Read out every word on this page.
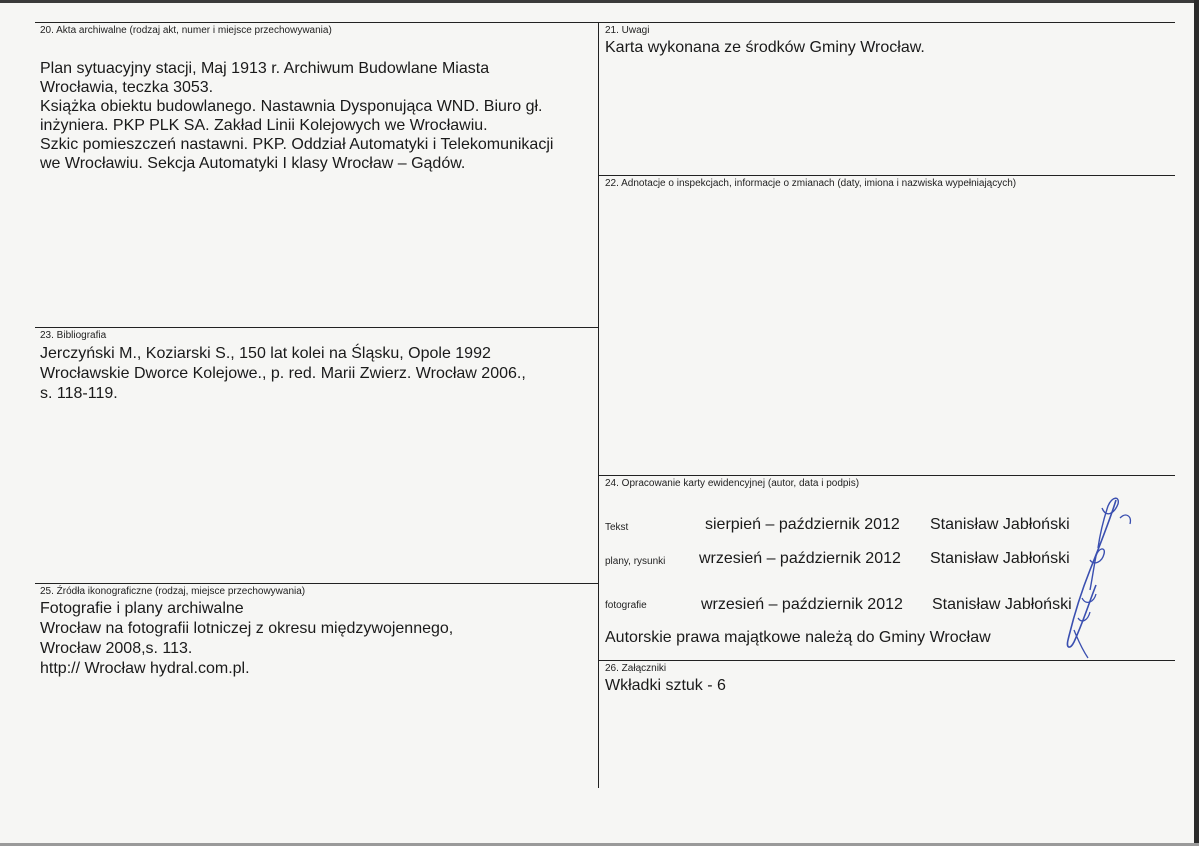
20. Akta archiwalne (rodzaj akt, numer i miejsce przechowywania)
Plan sytuacyjny stacji, Maj 1913 r. Archiwum Budowlane Miasta
Wrocławia, teczka 3053.
Książka obiektu budowlanego. Nastawnia Dysponująca WND. Biuro gł.
inżyniera. PKP PLK SA. Zakład Linii Kolejowych we Wrocławiu.
Szkic pomieszczeń nastawni. PKP. Oddział Automatyki i Telekomunikacji
we Wrocławiu. Sekcja Automatyki I klasy Wrocław – Gądów.
21. Uwagi
Karta wykonana ze środków Gminy Wrocław.
22. Adnotacje o inspekcjach, informacje o zmianach (daty, imiona i nazwiska wypełniających)
23. Bibliografia
Jerczyński M., Koziarski S., 150 lat kolei na Śląsku, Opole 1992
Wrocławskie Dworce Kolejowe., p. red. Marii Zwierz. Wrocław 2006.,
s. 118-119.
24. Opracowanie karty ewidencyjnej (autor, data i podpis)
Tekst	sierpień – październik 2012 Stanisław Jabłoński
plany, rysunki wrzesień – październik 2012 Stanisław Jabłoński
fotografie	wrzesień – październik 2012 Stanisław Jabłoński
Autorskie prawa majątkowe należą do Gminy Wrocław
25. Źródła ikonograficzne (rodzaj, miejsce przechowywania)
Fotografie i plany archiwalne
Wrocław na fotografii lotniczej z okresu międzywojennego,
Wrocław 2008,s. 113.
http:// Wrocław hydral.com.pl.	26. Załączniki
Wkładki sztuk - 6
